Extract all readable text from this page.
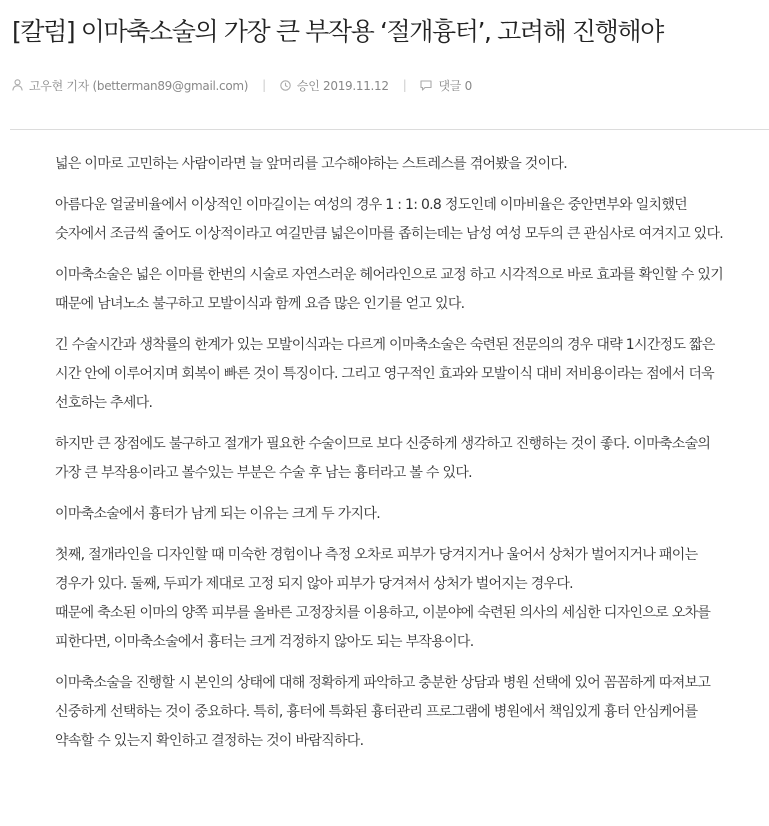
[칼럼] 이마축소술의 가장 큰 부작용 ‘절개흉터’, 고려해 진행해야
고우현 기자 (betterman89@gmail.com) |	승인 2019.11.12 |	댓글 0

넓은 이마로 고민하는 사람이라면 늘 앞머리를 고수해야하는 스트레스를 겪어봤을 것이다.

아름다운 얼굴비율에서 이상적인 이마길이는 여성의 경우 1 : 1: 0.8 정도인데 이마비율은 중안면부와 일치했던 숫자에서 조금씩 줄어도 이상적이라고 여길만큼 넓은이마를 좁히는데는 남성 여성 모두의 큰 관심사로 여겨지고 있다.

이마축소술은 넓은 이마를 한번의 시술로 자연스러운 헤어라인으로 교정 하고 시각적으로 바로 효과를 확인할 수 있기 때문에 남녀노소 불구하고 모발이식과 함께 요즘 많은 인기를 얻고 있다.

긴 수술시간과 생착률의 한계가 있는 모발이식과는 다르게 이마축소술은 숙련된 전문의의 경우 대략 1시간정도 짧은 시간 안에 이루어지며 회복이 빠른 것이 특징이다. 그리고 영구적인 효과와 모발이식 대비 저비용이라는 점에서 더욱 선호하는 추세다.

하지만 큰 장점에도 불구하고 절개가 필요한 수술이므로 보다 신중하게 생각하고 진행하는 것이 좋다. 이마축소술의 가장 큰 부작용이라고 볼수있는 부분은 수술 후 남는 흉터라고 볼 수 있다.

이마축소술에서 흉터가 남게 되는 이유는 크게 두 가지다.

첫째, 절개라인을 디자인할 때 미숙한 경험이나 측정 오차로 피부가 당겨지거나 울어서 상처가 벌어지거나 패이는 경우가 있다. 둘째, 두피가 제대로 고정 되지 않아 피부가 당겨져서 상처가 벌어지는 경우다.
때문에 축소된 이마의 양쪽 피부를 올바른 고정장치를 이용하고, 이분야에 숙련된 의사의 세심한 디자인으로 오차를 피한다면, 이마축소술에서 흉터는 크게 걱정하지 않아도 되는 부작용이다.

이마축소술을 진행할 시 본인의 상태에 대해 정확하게 파악하고 충분한 상담과 병원 선택에 있어 꼼꼼하게 따져보고 신중하게 선택하는 것이 중요하다. 특히, 흉터에 특화된 흉터관리 프로그램에 병원에서 책임있게 흉터 안심케어를 약속할 수 있는지 확인하고 결정하는 것이 바람직하다.
